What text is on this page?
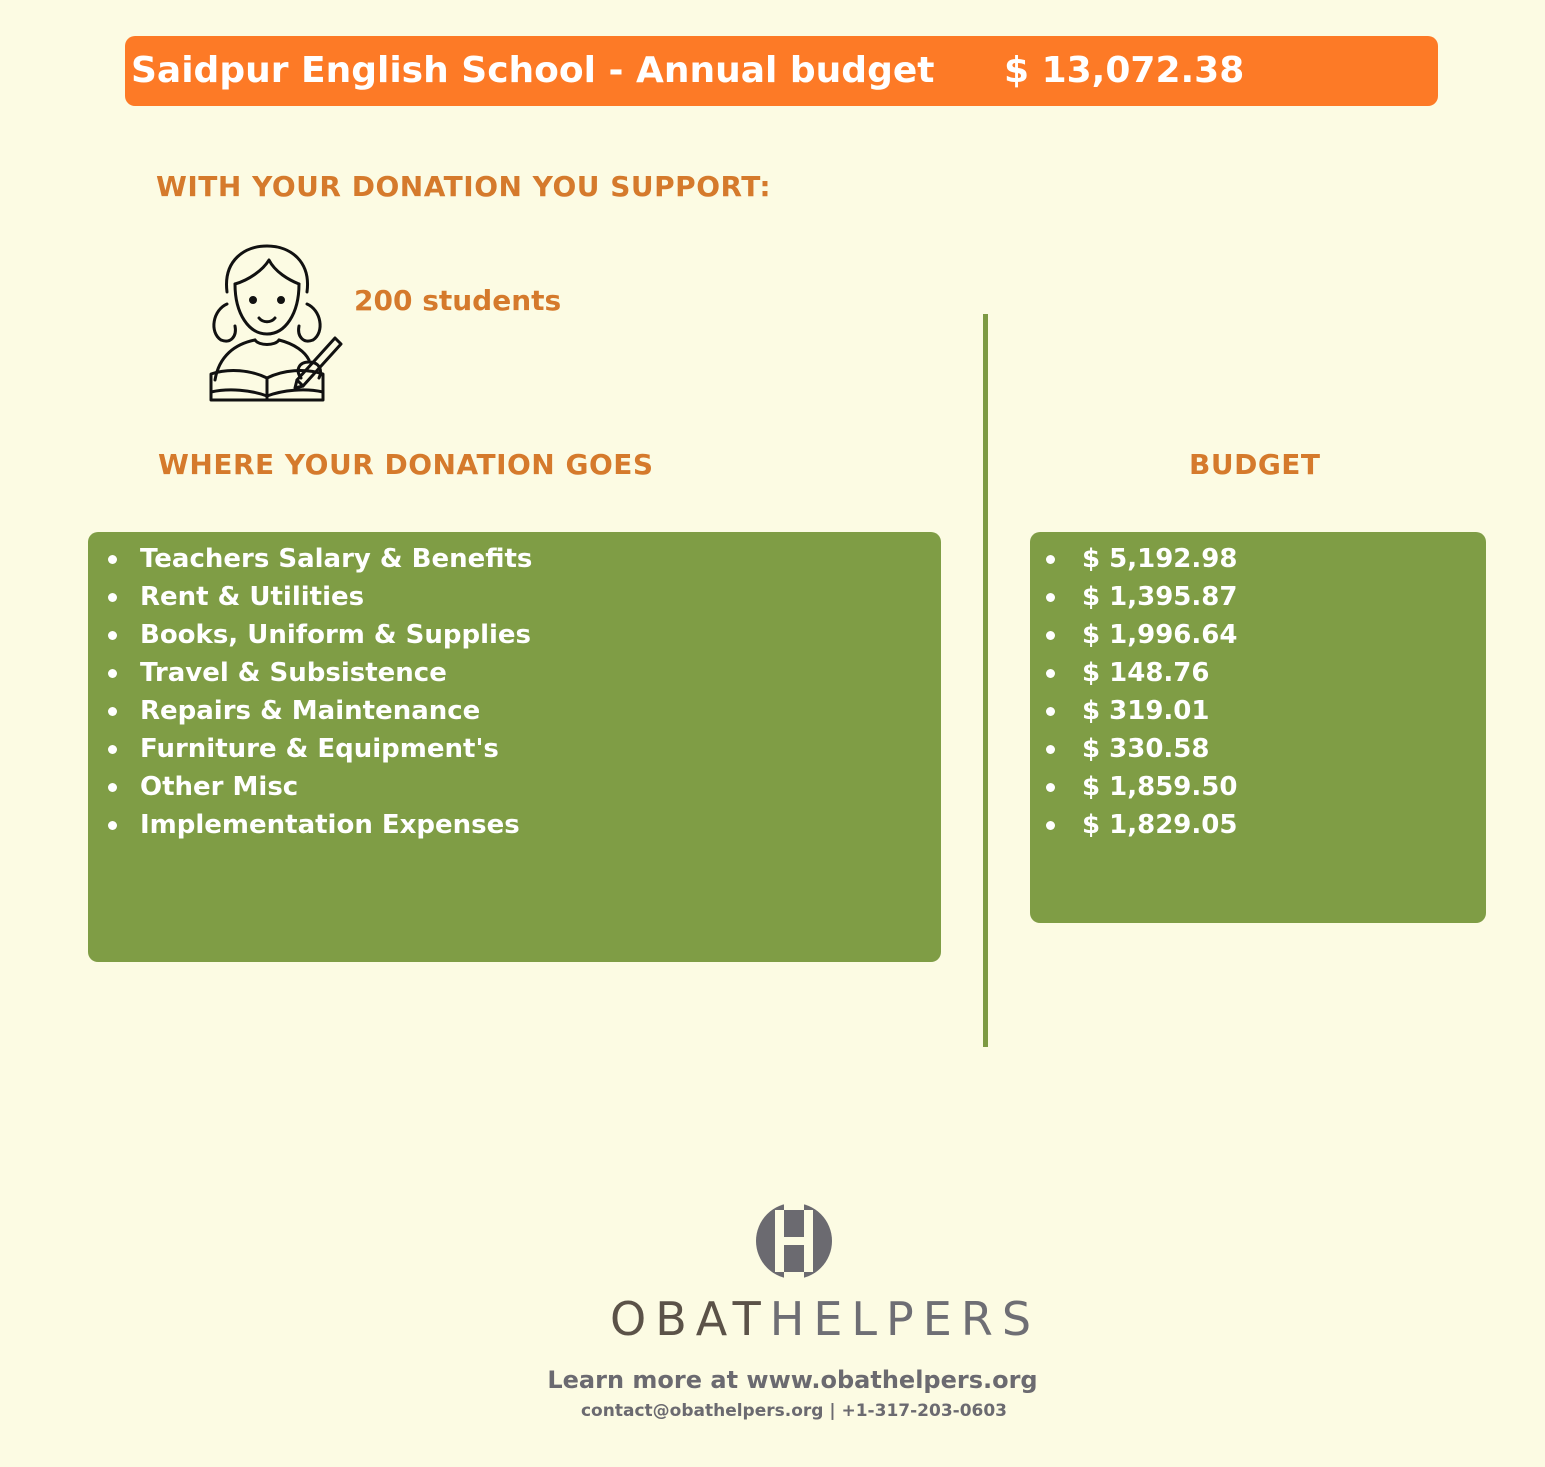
Saidpur English School - Annual budget $ 13,072.38
WITH YOUR DONATION YOU SUPPORT:
200 students
WHERE YOUR DONATION GOES	BUDGET
Teachers Salary & Benefits
Rent & Utilities
Books, Uniform & Supplies
Travel & Subsistence
Repairs & Maintenance
Furniture & Equipment's
Other Misc
Implementation Expenses
$ 5,192.98
$ 1,395.87
$ 1,996.64
$ 148.76
$ 319.01
$ 330.58
$ 1,859.50
$ 1,829.05
OBATHELPERS
Learn more at www.obathelpers.org
contact@obathelpers.org | +1-317-203-0603
